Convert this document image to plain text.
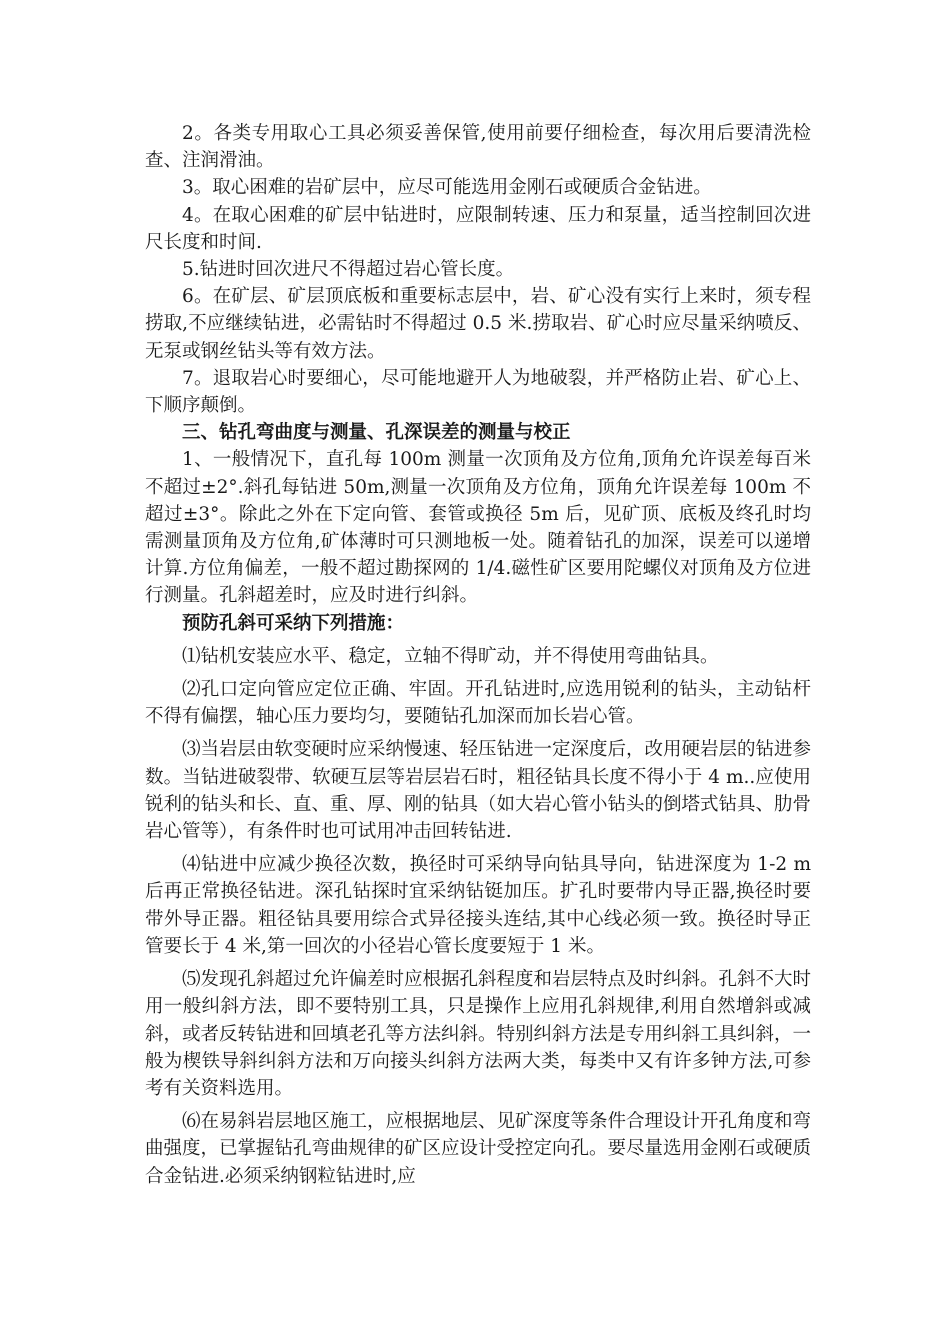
2。各类专用取心工具必须妥善保管,使用前要仔细检查，每次用后要清洗检查、注润滑油。

3。取心困难的岩矿层中，应尽可能选用金刚石或硬质合金钻进。

4。在取心困难的矿层中钻进时，应限制转速、压力和泵量，适当控制回次进尺长度和时间.

5.钻进时回次进尺不得超过岩心管长度。

6。在矿层、矿层顶底板和重要标志层中，岩、矿心没有实行上来时，须专程捞取,不应继续钻进，必需钻时不得超过 0.5 米.捞取岩、矿心时应尽量采纳喷反、无泵或钢丝钻头等有效方法。

7。退取岩心时要细心，尽可能地避开人为地破裂，并严格防止岩、矿心上、下顺序颠倒。

三、钻孔弯曲度与测量、孔深误差的测量与校正

1、一般情况下，直孔每 100m 测量一次顶角及方位角,顶角允许误差每百米不超过±2°.斜孔每钻进 50m,测量一次顶角及方位角，顶角允许误差每 100m 不超过±3°。除此之外在下定向管、套管或换径 5m 后，见矿顶、底板及终孔时均需测量顶角及方位角,矿体薄时可只测地板一处。随着钻孔的加深，误差可以递增计算.方位角偏差，一般不超过勘探网的 1/4.磁性矿区要用陀螺仪对顶角及方位进行测量。孔斜超差时，应及时进行纠斜。

预防孔斜可采纳下列措施：

⑴钻机安装应水平、稳定，立轴不得旷动，并不得使用弯曲钻具。

⑵孔口定向管应定位正确、牢固。开孔钻进时,应选用锐利的钻头，主动钻杆不得有偏摆，轴心压力要均匀，要随钻孔加深而加长岩心管。

⑶当岩层由软变硬时应采纳慢速、轻压钻进一定深度后，改用硬岩层的钻进参数。当钻进破裂带、软硬互层等岩层岩石时，粗径钻具长度不得小于 4 m..应使用锐利的钻头和长、直、重、厚、刚的钻具（如大岩心管小钻头的倒塔式钻具、肋骨岩心管等），有条件时也可试用冲击回转钻进.

⑷钻进中应减少换径次数，换径时可采纳导向钻具导向，钻进深度为 1-2 m 后再正常换径钻进。深孔钻探时宜采纳钻铤加压。扩孔时要带内导正器,换径时要带外导正器。粗径钻具要用综合式异径接头连结,其中心线必须一致。换径时导正管要长于 4 米,第一回次的小径岩心管长度要短于 1 米。

⑸发现孔斜超过允许偏差时应根据孔斜程度和岩层特点及时纠斜。孔斜不大时用一般纠斜方法，即不要特别工具，只是操作上应用孔斜规律,利用自然增斜或减斜，或者反转钻进和回填老孔等方法纠斜。特别纠斜方法是专用纠斜工具纠斜，一般为楔铁导斜纠斜方法和万向接头纠斜方法两大类，每类中又有许多钟方法,可参考有关资料选用。

⑹在易斜岩层地区施工，应根据地层、见矿深度等条件合理设计开孔角度和弯曲强度，已掌握钻孔弯曲规律的矿区应设计受控定向孔。要尽量选用金刚石或硬质合金钻进.必须采纳钢粒钻进时,应
